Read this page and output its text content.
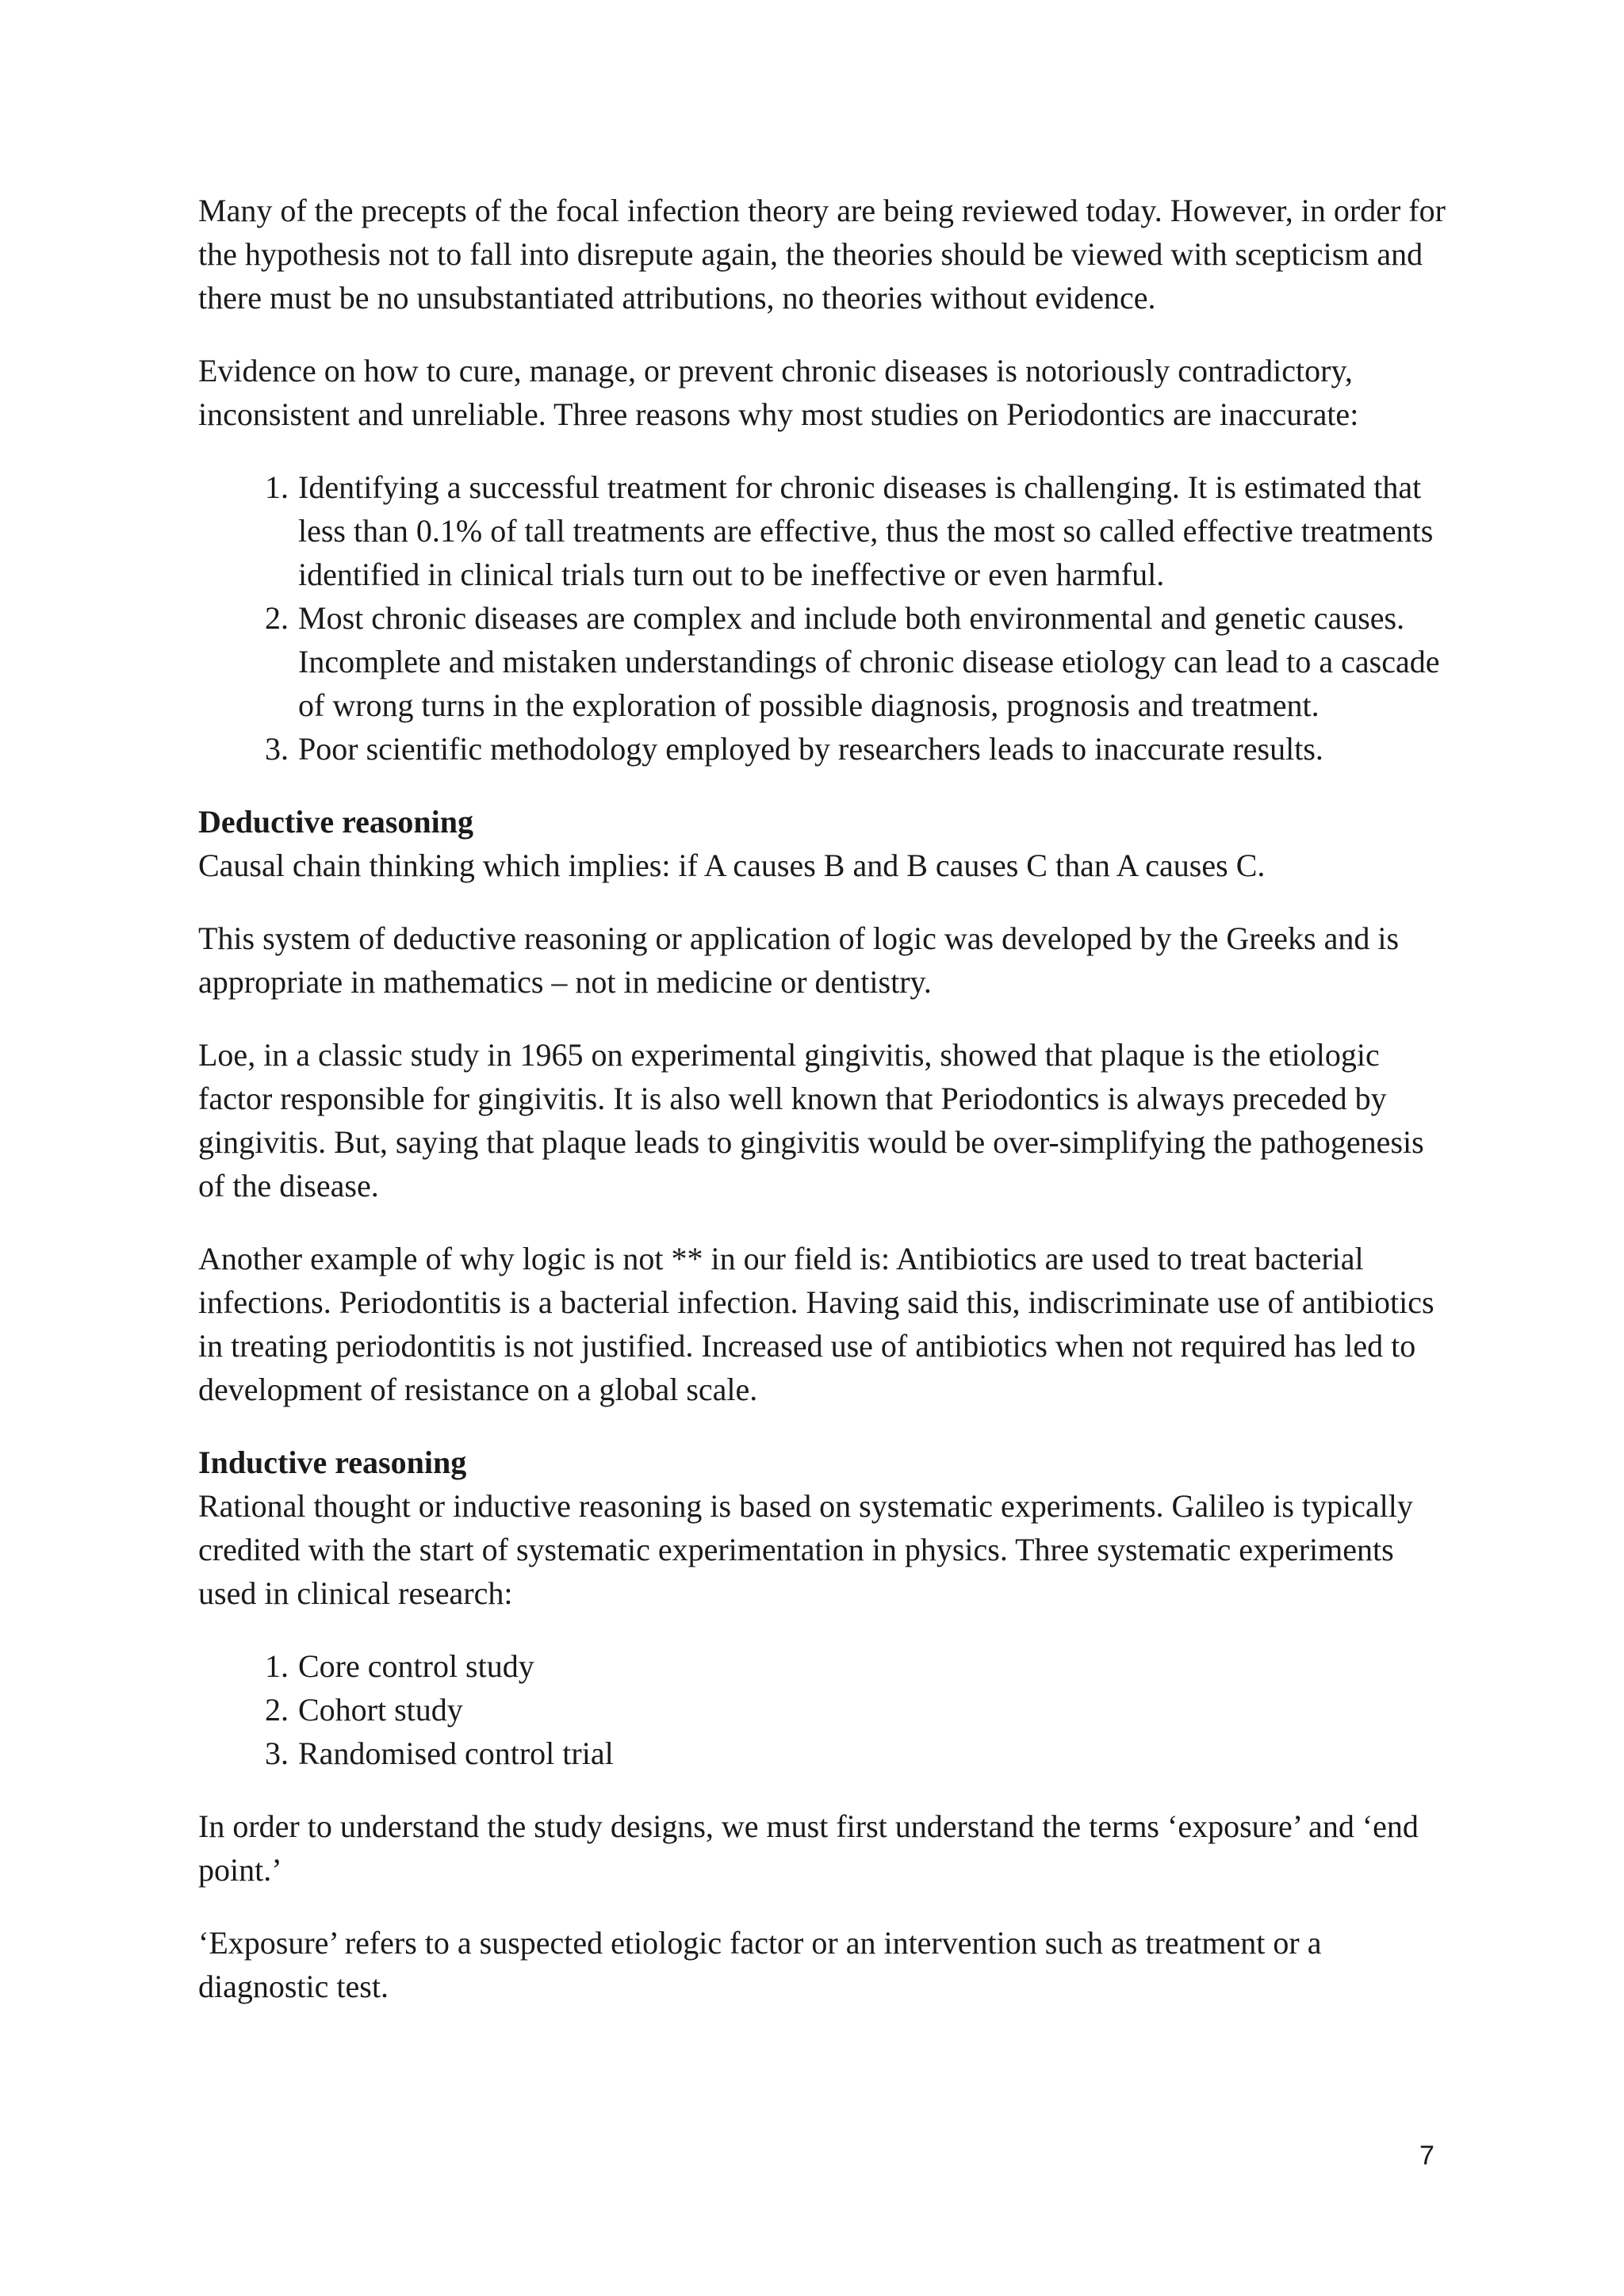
Many of the precepts of the focal infection theory are being reviewed today. However, in order for the hypothesis not to fall into disrepute again, the theories should be viewed with scepticism and there must be no unsubstantiated attributions, no theories without evidence.

Evidence on how to cure, manage, or prevent chronic diseases is notoriously contradictory, inconsistent and unreliable. Three reasons why most studies on Periodontics are inaccurate:

1. Identifying a successful treatment for chronic diseases is challenging. It is estimated that less than 0.1% of tall treatments are effective, thus the most so called effective treatments identified in clinical trials turn out to be ineffective or even harmful.
2. Most chronic diseases are complex and include both environmental and genetic causes. Incomplete and mistaken understandings of chronic disease etiology can lead to a cascade of wrong turns in the exploration of possible diagnosis, prognosis and treatment.
3. Poor scientific methodology employed by researchers leads to inaccurate results.

Deductive reasoning

Causal chain thinking which implies: if A causes B and B causes C than A causes C.

This system of deductive reasoning or application of logic was developed by the Greeks and is appropriate in mathematics – not in medicine or dentistry.

Loe, in a classic study in 1965 on experimental gingivitis, showed that plaque is the etiologic factor responsible for gingivitis. It is also well known that Periodontics is always preceded by gingivitis. But, saying that plaque leads to gingivitis would be over-simplifying the pathogenesis of the disease.

Another example of why logic is not ** in our field is: Antibiotics are used to treat bacterial infections. Periodontitis is a bacterial infection. Having said this, indiscriminate use of antibiotics in treating periodontitis is not justified. Increased use of antibiotics when not required has led to development of resistance on a global scale.

Inductive reasoning

Rational thought or inductive reasoning is based on systematic experiments. Galileo is typically credited with the start of systematic experimentation in physics. Three systematic experiments used in clinical research:

1. Core control study
2. Cohort study
3. Randomised control trial

In order to understand the study designs, we must first understand the terms ‘exposure’ and ‘end point.’

‘Exposure’ refers to a suspected etiologic factor or an intervention such as treatment or a diagnostic test.

7
